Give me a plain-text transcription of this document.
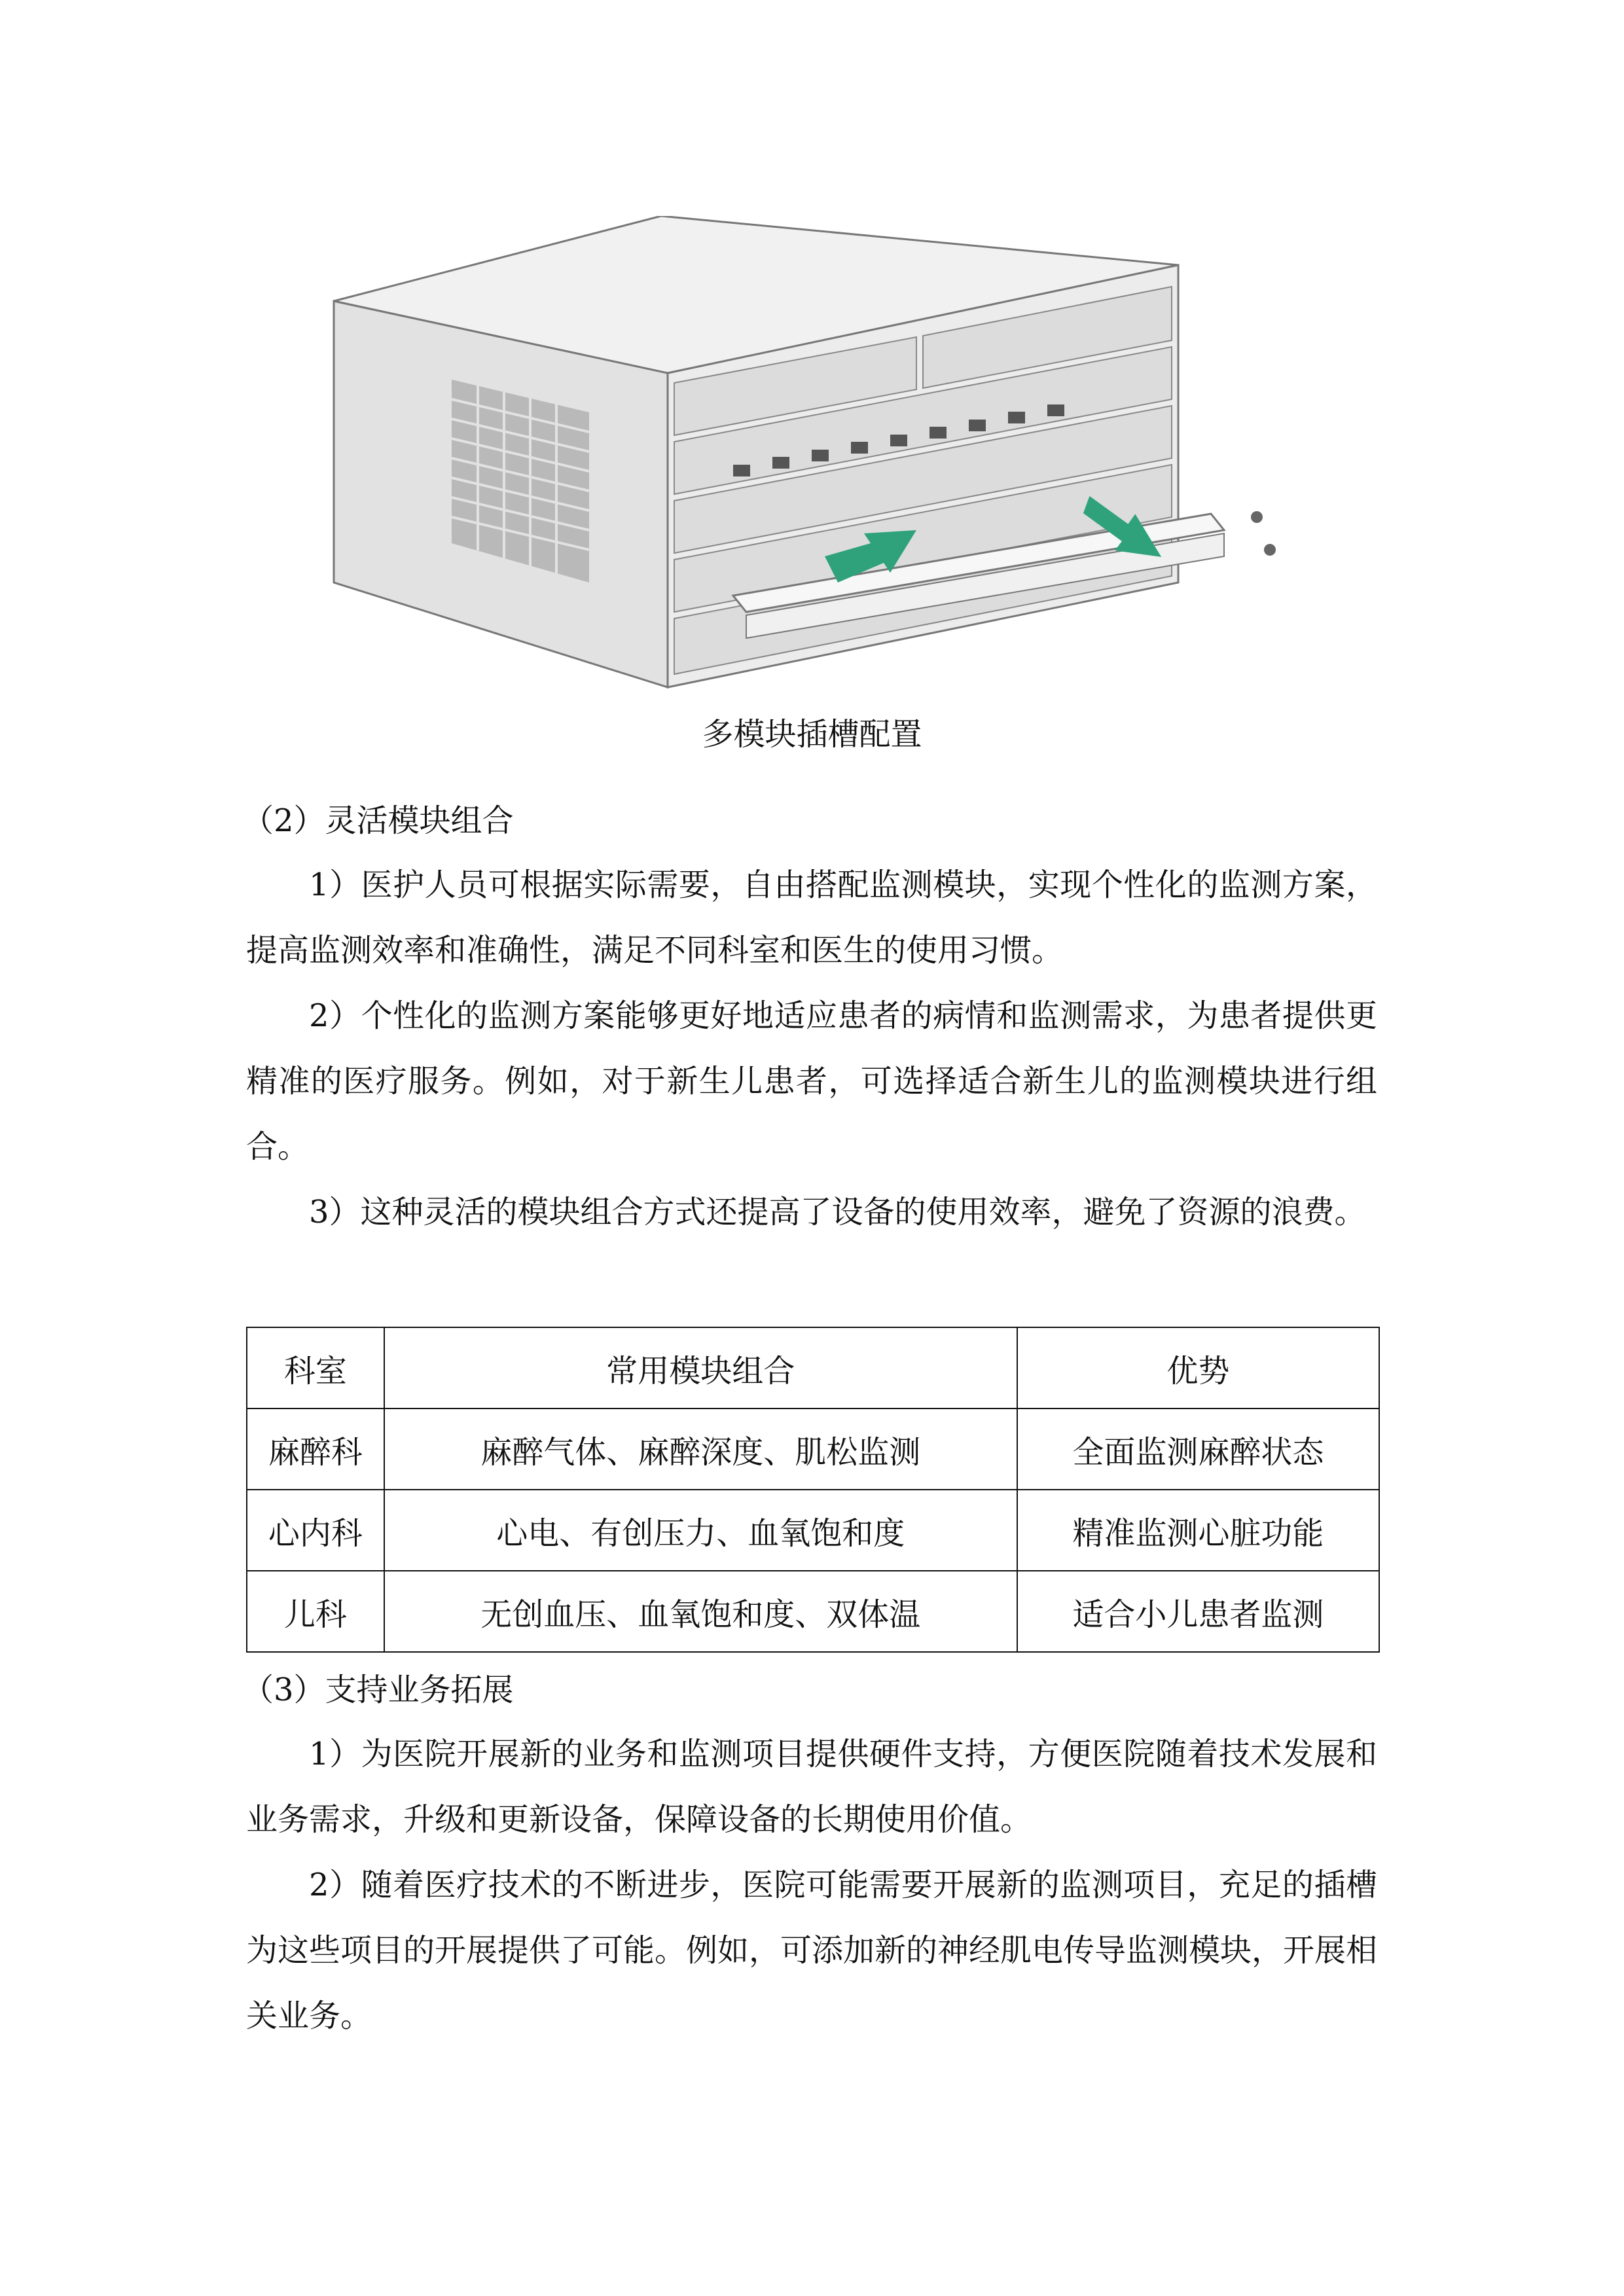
多模块插槽配置
（2）灵活模块组合

1）医护人员可根据实际需要，自由搭配监测模块，实现个性化的监测方案，提高监测效率和准确性，满足不同科室和医生的使用习惯。

2）个性化的监测方案能够更好地适应患者的病情和监测需求，为患者提供更精准的医疗服务。例如，对于新生儿患者，可选择适合新生儿的监测模块进行组合。

3）这种灵活的模块组合方式还提高了设备的使用效率，避免了资源的浪费。

科室	常用模块组合	优势
麻醉科	麻醉气体、麻醉深度、肌松监测	全面监测麻醉状态
心内科	心电、有创压力、血氧饱和度	精准监测心脏功能
儿科	无创血压、血氧饱和度、双体温	适合小儿患者监测
（3）支持业务拓展

1）为医院开展新的业务和监测项目提供硬件支持，方便医院随着技术发展和业务需求，升级和更新设备，保障设备的长期使用价值。

2）随着医疗技术的不断进步，医院可能需要开展新的监测项目，充足的插槽为这些项目的开展提供了可能。例如，可添加新的神经肌电传导监测模块，开展相关业务。
